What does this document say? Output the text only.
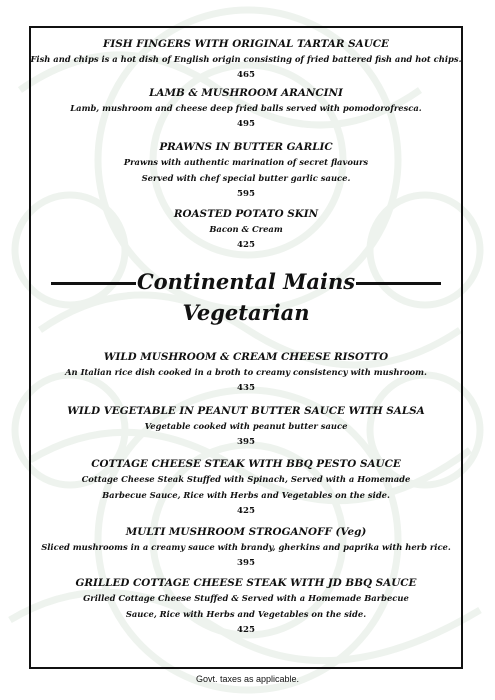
FISH FINGERS WITH ORIGINAL TARTAR SAUCE
Fish and chips is a hot dish of English origin consisting of fried battered fish and hot chips.
465
LAMB & MUSHROOM ARANCINI
Lamb, mushroom and cheese deep fried balls served with pomodorofresca.
495
PRAWNS IN BUTTER GARLIC
Prawns with authentic marination of secret flavours
Served with chef special butter garlic sauce.
595
ROASTED POTATO SKIN
Bacon & Cream
425
Continental Mains
Vegetarian
WILD MUSHROOM & CREAM CHEESE RISOTTO
An Italian rice dish cooked in a broth to creamy consistency with mushroom.
435
WILD VEGETABLE IN PEANUT BUTTER SAUCE WITH SALSA
Vegetable cooked with peanut butter sauce
395
COTTAGE CHEESE STEAK WITH BBQ PESTO SAUCE
Cottage Cheese Steak Stuffed with Spinach, Served with a Homemade
Barbecue Sauce, Rice with Herbs and Vegetables on the side.
425
MULTI MUSHROOM STROGANOFF (Veg)
Sliced mushrooms in a creamy sauce with brandy, gherkins and paprika with herb rice.
395
GRILLED COTTAGE CHEESE STEAK WITH JD BBQ SAUCE
Grilled Cottage Cheese Stuffed & Served with a Homemade Barbecue
Sauce, Rice with Herbs and Vegetables on the side.
425
Govt. taxes as applicable.
